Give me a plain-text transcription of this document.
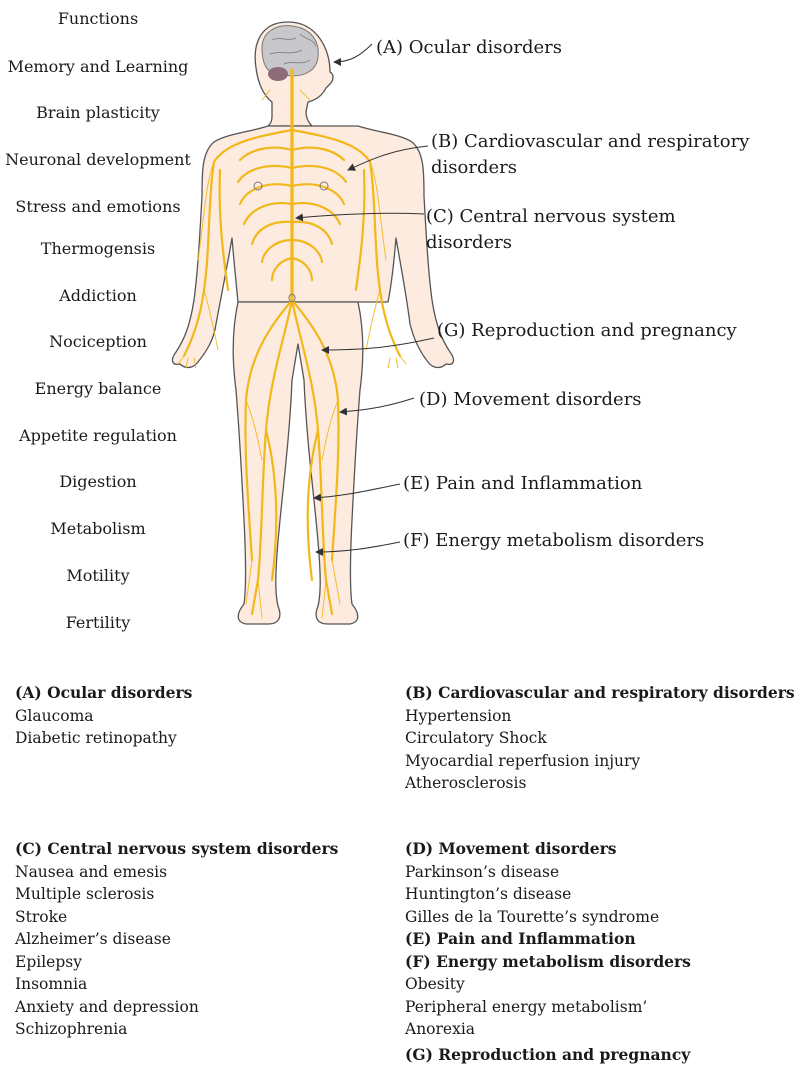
Functions
Memory and Learning
Brain plasticity
Neuronal development
Stress and emotions
Thermogensis
Addiction
Nociception
Energy balance
Appetite regulation
Digestion
Metabolism
Motility
Fertility
(A) Ocular disorders
(B) Cardiovascular and respiratory
disorders
(C) Central nervous system
disorders
(G) Reproduction and pregnancy
(D) Movement disorders
(E) Pain and Inflammation
(F) Energy metabolism disorders
(A) Ocular disorders
Glaucoma
Diabetic retinopathy
(B) Cardiovascular and respiratory disorders
Hypertension
Circulatory Shock
Myocardial reperfusion injury
Atherosclerosis
(C) Central nervous system disorders
Nausea and emesis
Multiple sclerosis
Stroke
Alzheimer’s disease
Epilepsy
Insomnia
Anxiety and depression
Schizophrenia
(D) Movement disorders
Parkinson’s disease
Huntington’s disease
Gilles de la Tourette’s syndrome
(E) Pain and Inflammation
(F) Energy metabolism disorders
Obesity
Peripheral energy metabolism’
Anorexia
(G) Reproduction and pregnancy
